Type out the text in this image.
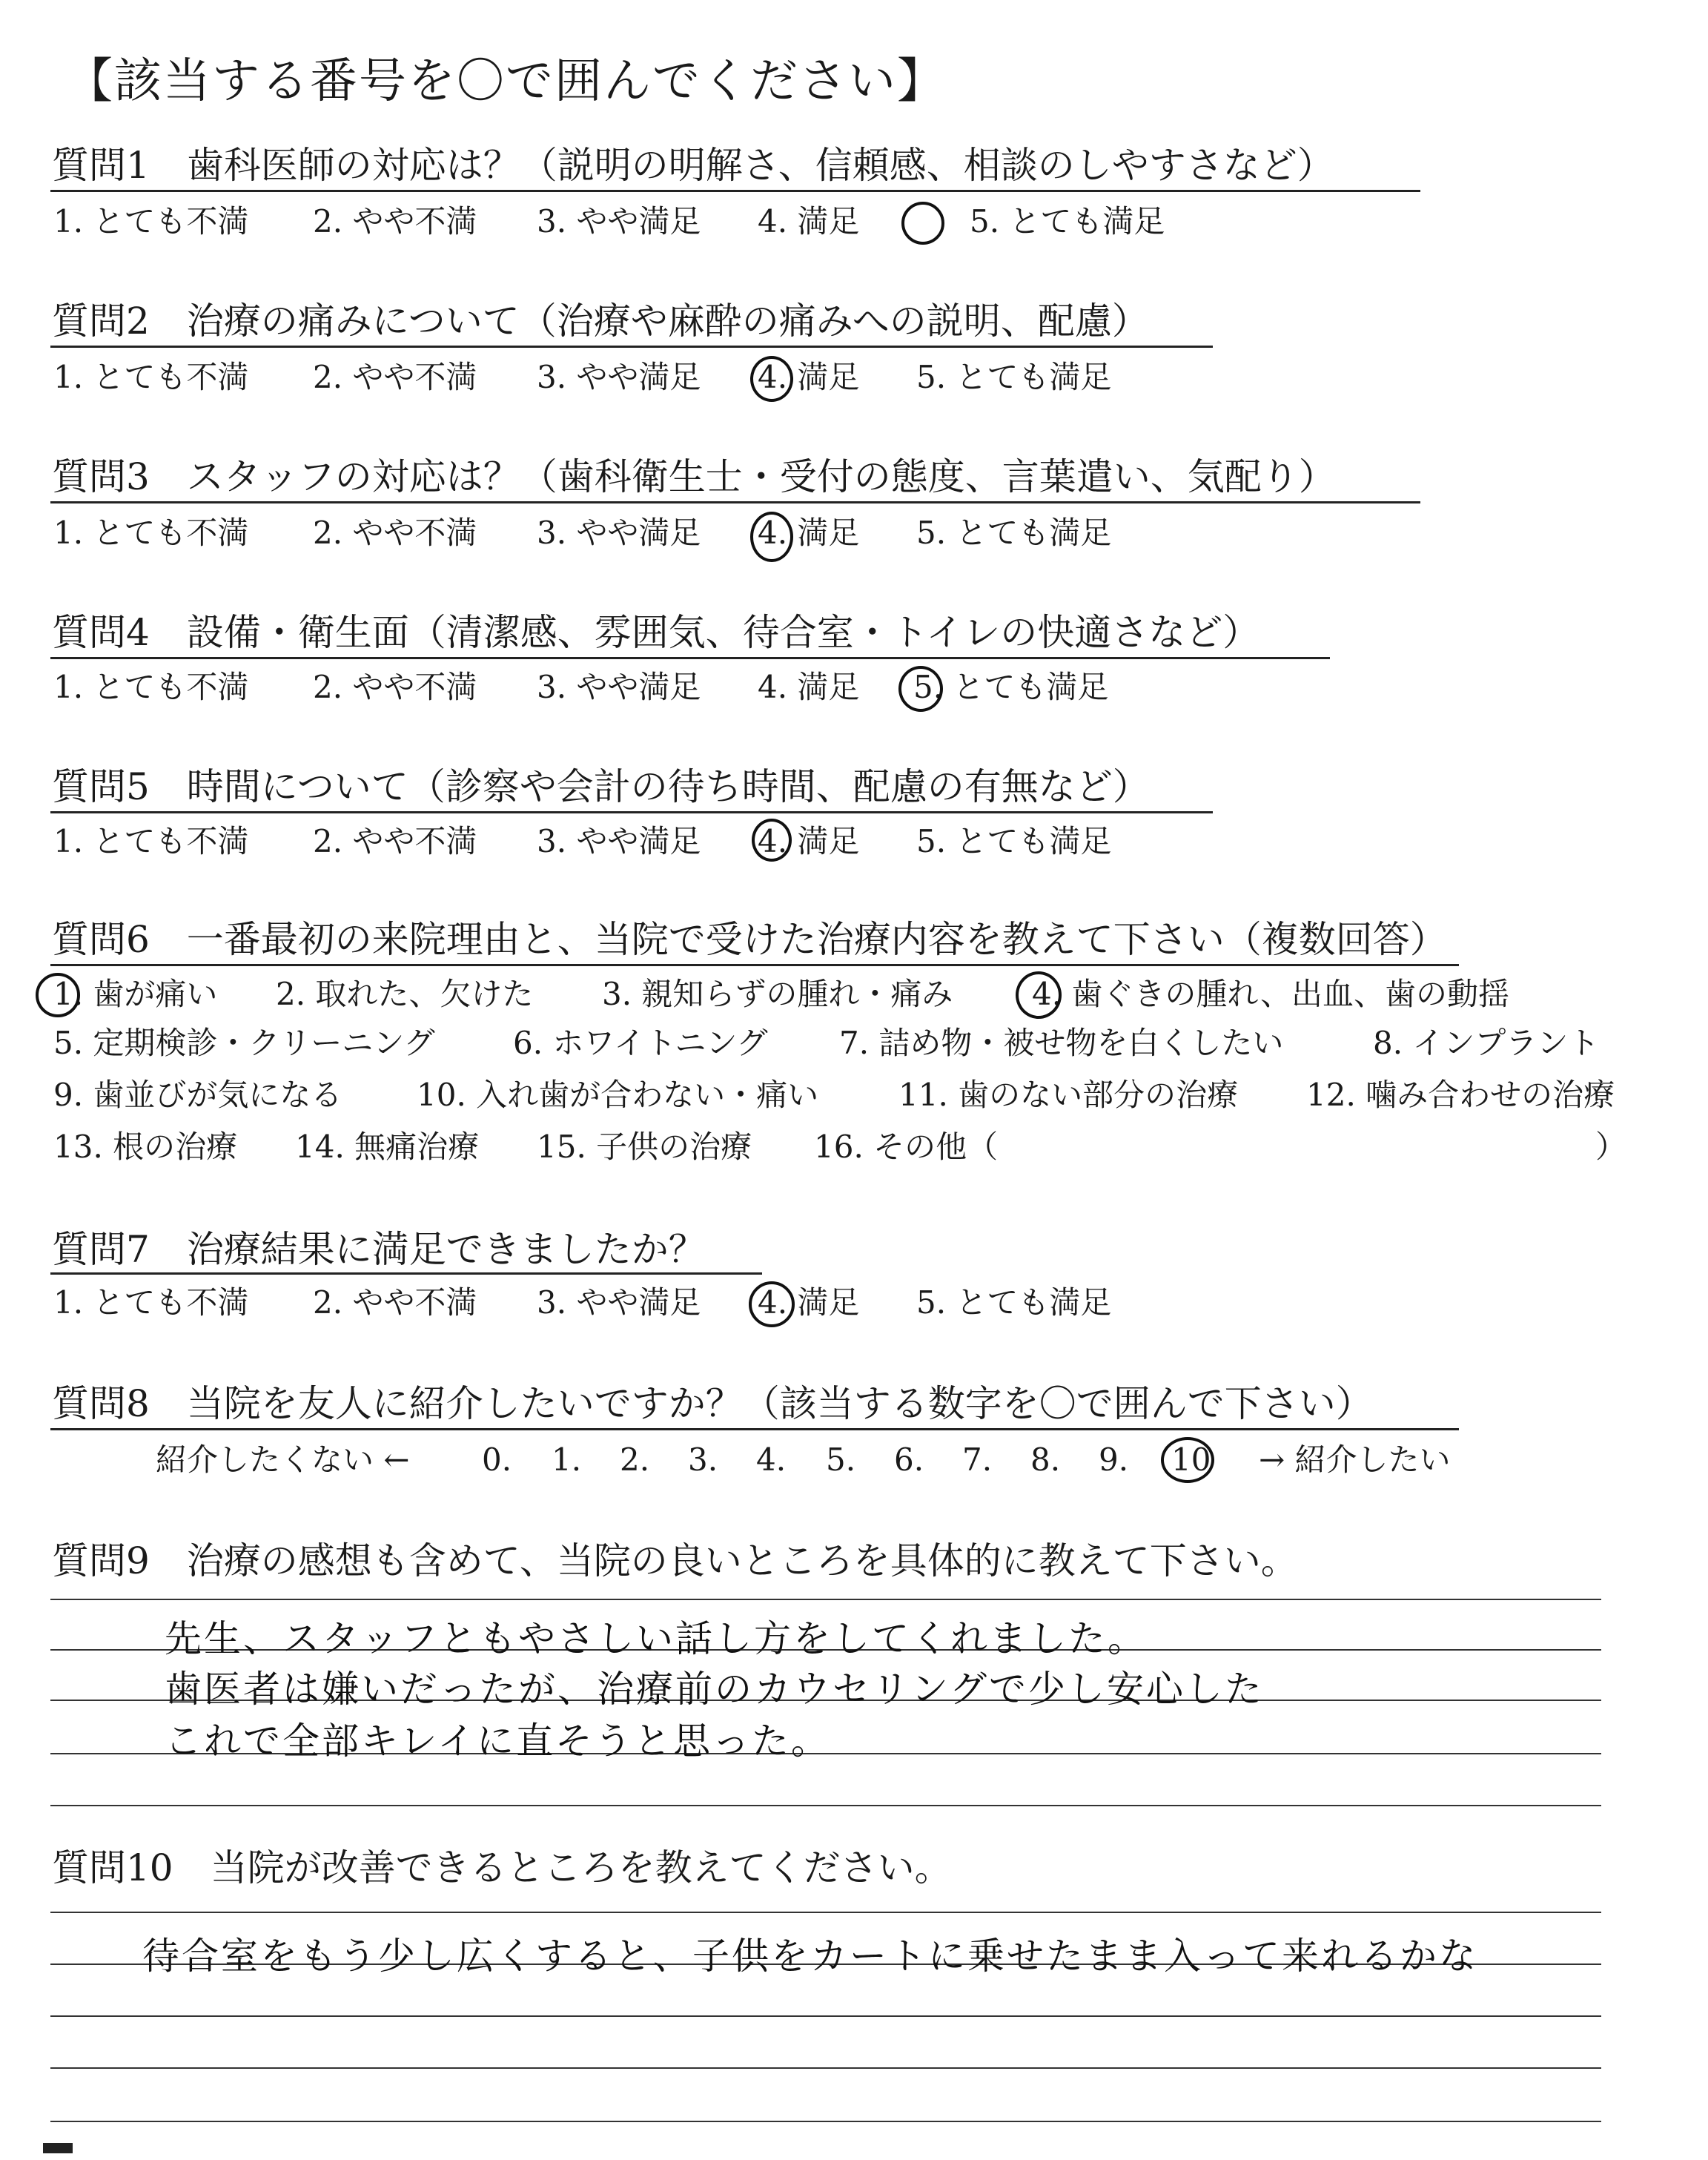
【該当する番号を〇で囲んでください】
質問1　歯科医師の対応は？（説明の明解さ、信頼感、相談のしやすさなど）
1. とても不満 2. やや不満 3. やや満足 4. 満足	5. とても満足
質問2　治療の痛みについて（治療や麻酔の痛みへの説明、配慮）
1. とても不満 2. やや不満 3. やや満足 4. 満足 5. とても満足
質問3　スタッフの対応は？（歯科衛生士・受付の態度、言葉遣い、気配り）
1. とても不満 2. やや不満 3. やや満足 4. 満足 5. とても満足
質問4　設備・衛生面（清潔感、雰囲気、待合室・トイレの快適さなど）
1. とても不満 2. やや不満 3. やや満足 4. 満足 5. とても満足
質問5　時間について（診察や会計の待ち時間、配慮の有無など）
1. とても不満 2. やや不満 3. やや満足 4. 満足 5. とても満足
質問6　一番最初の来院理由と、当院で受けた治療内容を教えて下さい（複数回答）
1. 歯が痛い 2. 取れた、欠けた 3. 親知らずの腫れ・痛み	4. 歯ぐきの腫れ、出血、歯の動揺
5. 定期検診・クリーニング	6. ホワイトニング 7. 詰め物・被せ物を白くしたい	8. インプラント
9. 歯並びが気になる 10. 入れ歯が合わない・痛い	11. 歯のない部分の治療 12. 噛み合わせの治療
13. 根の治療 14. 無痛治療 15. 子供の治療 16. その他（	）
質問7　治療結果に満足できましたか？
1. とても不満 2. やや不満 3. やや満足 4. 満足 5. とても満足
質問8　当院を友人に紹介したいですか？（該当する数字を〇で囲んで下さい）
紹介したくない ← 0. 1. 2. 3. 4. 5. 6. 7. 8. 9. 10 → 紹介したい
質問9　治療の感想も含めて、当院の良いところを具体的に教えて下さい。
先生、スタッフともやさしい話し方をしてくれました。
歯医者は嫌いだったが、治療前のカウセリングで少し安心した
これで全部キレイに直そうと思った。
質問10　当院が改善できるところを教えてください。
待合室をもう少し広くすると、子供をカートに乗せたまま入って来れるかな
